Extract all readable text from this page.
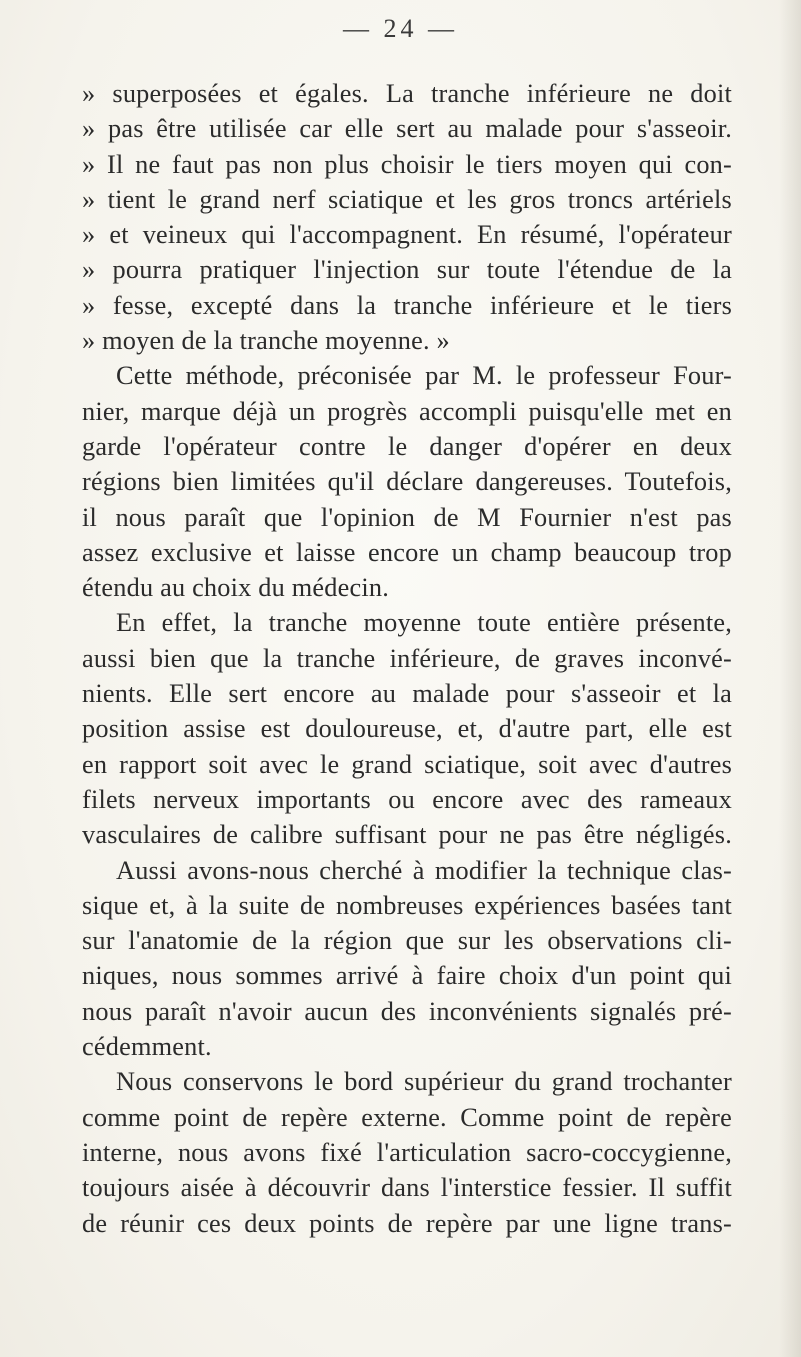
— 24 —
» superposées et égales. La tranche inférieure ne doit
» pas être utilisée car elle sert au malade pour s'asseoir.
» Il ne faut pas non plus choisir le tiers moyen qui con-
» tient le grand nerf sciatique et les gros troncs artériels
» et veineux qui l'accompagnent. En résumé, l'opérateur
» pourra pratiquer l'injection sur toute l'étendue de la
» fesse, excepté dans la tranche inférieure et le tiers
» moyen de la tranche moyenne. »
Cette méthode, préconisée par M. le professeur Four-
nier, marque déjà un progrès accompli puisqu'elle met en
garde l'opérateur contre le danger d'opérer en deux
régions bien limitées qu'il déclare dangereuses. Toutefois,
il nous paraît que l'opinion de M Fournier n'est pas
assez exclusive et laisse encore un champ beaucoup trop
étendu au choix du médecin.
En effet, la tranche moyenne toute entière présente,
aussi bien que la tranche inférieure, de graves inconvé-
nients. Elle sert encore au malade pour s'asseoir et la
position assise est douloureuse, et, d'autre part, elle est
en rapport soit avec le grand sciatique, soit avec d'autres
filets nerveux importants ou encore avec des rameaux
vasculaires de calibre suffisant pour ne pas être négligés.
Aussi avons-nous cherché à modifier la technique clas-
sique et, à la suite de nombreuses expériences basées tant
sur l'anatomie de la région que sur les observations cli-
niques, nous sommes arrivé à faire choix d'un point qui
nous paraît n'avoir aucun des inconvénients signalés pré-
cédemment.
Nous conservons le bord supérieur du grand trochanter
comme point de repère externe. Comme point de repère
interne, nous avons fixé l'articulation sacro-coccygienne,
toujours aisée à découvrir dans l'interstice fessier. Il suffit
de réunir ces deux points de repère par une ligne trans-
